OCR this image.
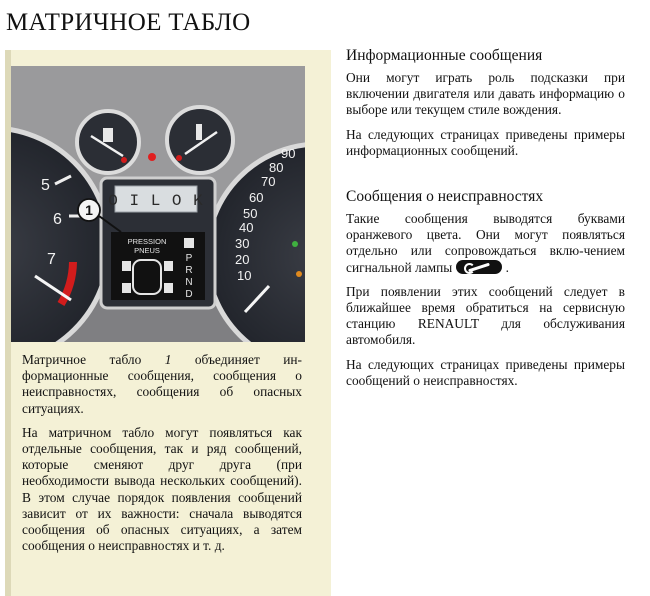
МАТРИЧНОЕ ТАБЛО
5
6
7
90
80
70
60
50
40
30
20
10
O I L O K
PRESSION
PNEUS
P
R
N
D
1

Матричное табло 1 объединяет ин-формационные сообщения, сообщения о неисправностях, сообщения об опасных ситуациях.

На матричном табло могут появляться как отдельные сообщения, так и ряд сообщений, которые сменяют друг друга (при необходимости вывода нескольких сообщений). В этом случае порядок появления сообщений зависит от их важности: сначала выводятся сообщения об опасных ситуациях, а затем сообщения о неисправностях и т. д.

Информационные сообщения

Они могут играть роль подсказки при включении двигателя или давать информацию о выборе или текущем стиле вождения.

На следующих страницах приведены примеры информационных сообщений.

Сообщения о неисправностях

Такие сообщения выводятся буквами оранжевого цвета. Они могут появляться отдельно или сопровождаться вклю-чением сигнальной лампы	.

При появлении этих сообщений следует в ближайшее время обратиться на сервисную станцию RENAULT для обслуживания автомобиля.

На следующих страницах приведены примеры сообщений о неисправностях.
